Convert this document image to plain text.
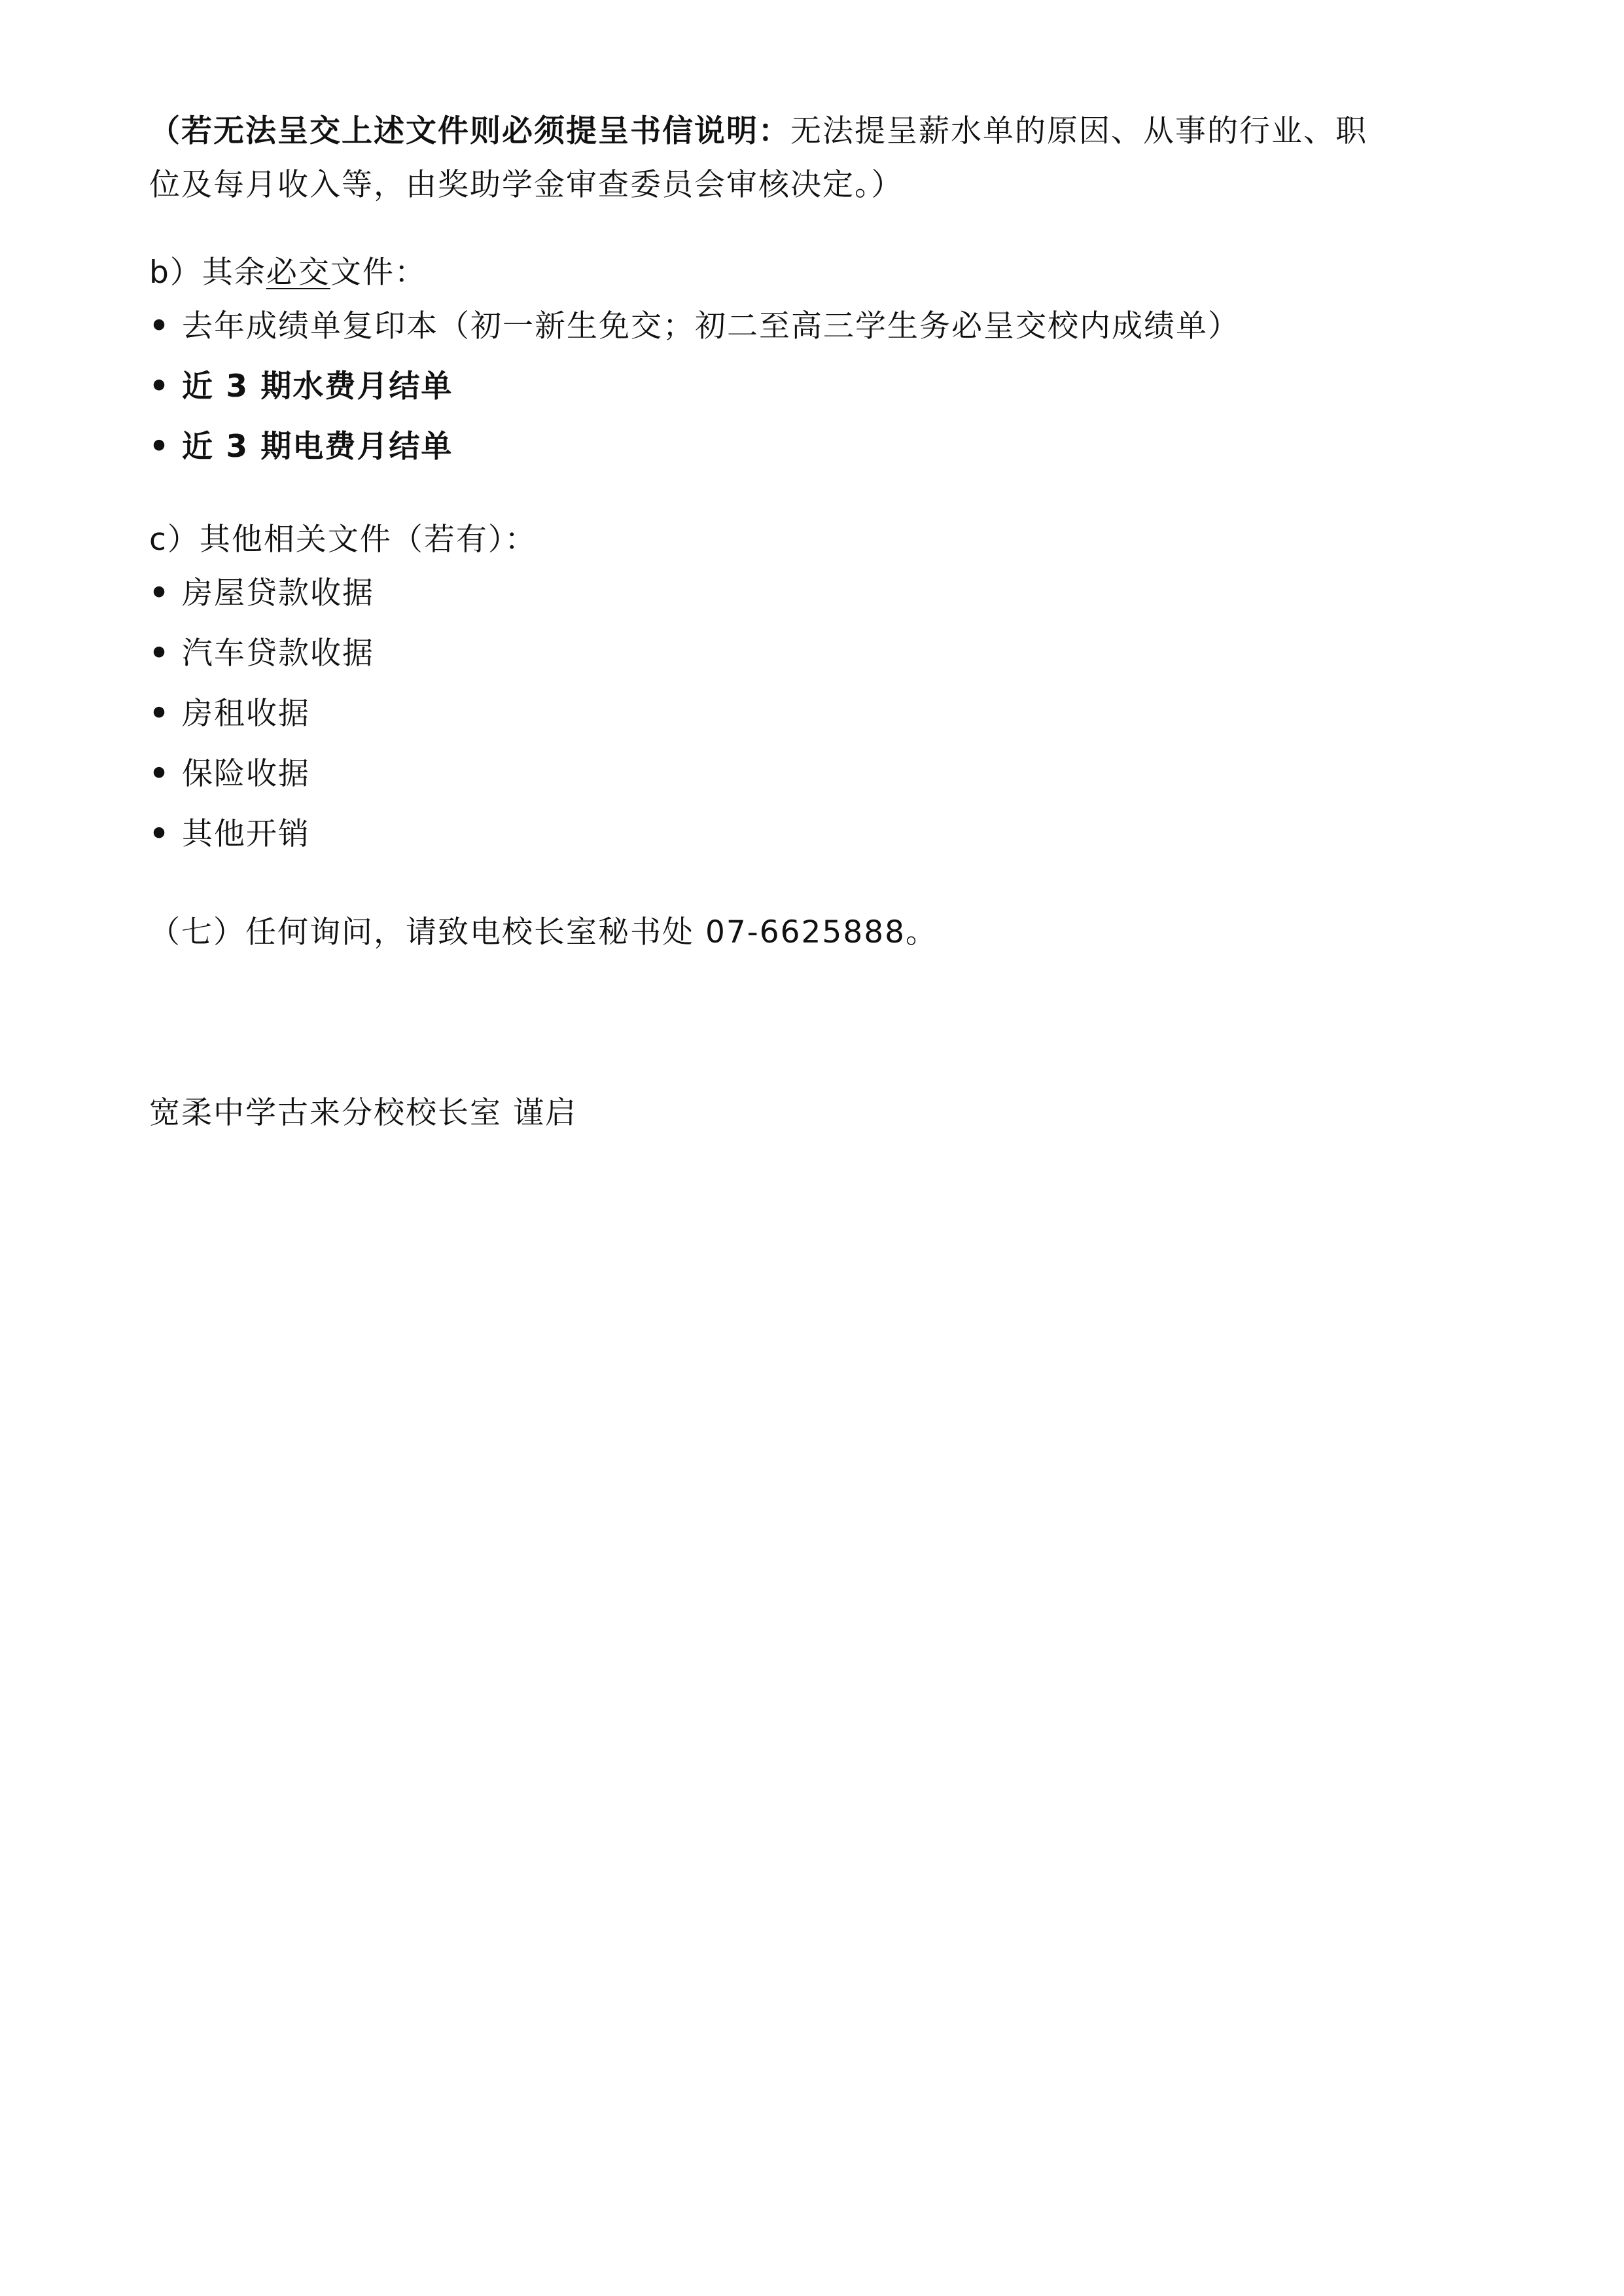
（若无法呈交上述文件则必须提呈书信说明：无法提呈薪水单的原因、从事的行业、职
位及每月收入等，由奖助学金审查委员会审核决定。）
b）其余必交文件：
• 去年成绩单复印本（初一新生免交；初二至高三学生务必呈交校内成绩单）
• 近 3 期水费月结单
• 近 3 期电费月结单
c）其他相关文件（若有）：
• 房屋贷款收据
• 汽车贷款收据
• 房租收据
• 保险收据
• 其他开销
（七）任何询问，请致电校长室秘书处 07-6625888。
宽柔中学古来分校校长室 谨启
